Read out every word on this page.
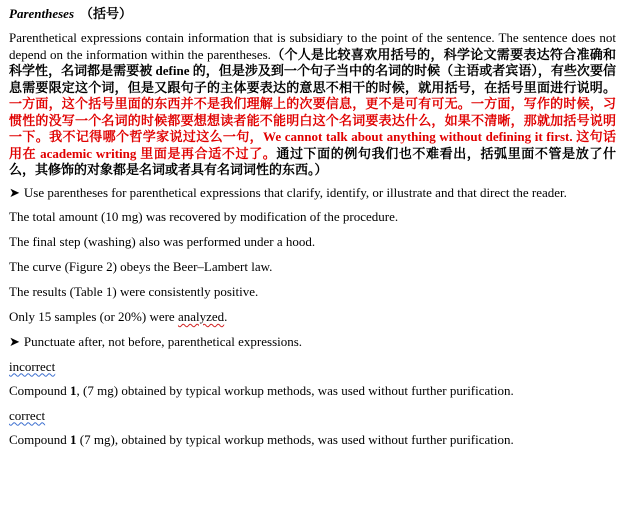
Parentheses （括号）

Parenthetical expressions contain information that is subsidiary to the point of the sentence. The sentence does not depend on the information within the parentheses.（个人是比较喜欢用括号的，科学论文需要表达符合准确和科学性，名词都是需要被 define 的，但是涉及到一个句子当中的名词的时候（主语或者宾语），有些次要信息需要限定这个词，但是又跟句子的主体要表达的意思不相干的时候，就用括号，在括号里面进行说明。一方面，这个括号里面的东西并不是我们理解上的次要信息，更不是可有可无。一方面，写作的时候，习惯性的没写一个名词的时候都要想想读者能不能明白这个名词要表达什么，如果不清晰，那就加括号说明一下。我不记得哪个哲学家说过这么一句，We cannot talk about anything without defining it first. 这句话用在 academic writing 里面是再合适不过了。通过下面的例句我们也不难看出，括弧里面不管是放了什么，其修饰的对象都是名词或者具有名词词性的东西。）

➤ Use parentheses for parenthetical expressions that clarify, identify, or illustrate and that direct the reader.

The total amount (10 mg) was recovered by modification of the procedure.

The final step (washing) also was performed under a hood.

The curve (Figure 2) obeys the Beer–Lambert law.

The results (Table 1) were consistently positive.

Only 15 samples (or 20%) were analyzed.

➤ Punctuate after, not before, parenthetical expressions.

incorrect

Compound 1, (7 mg) obtained by typical workup methods, was used without further purification.

correct

Compound 1 (7 mg), obtained by typical workup methods, was used without further purification.
